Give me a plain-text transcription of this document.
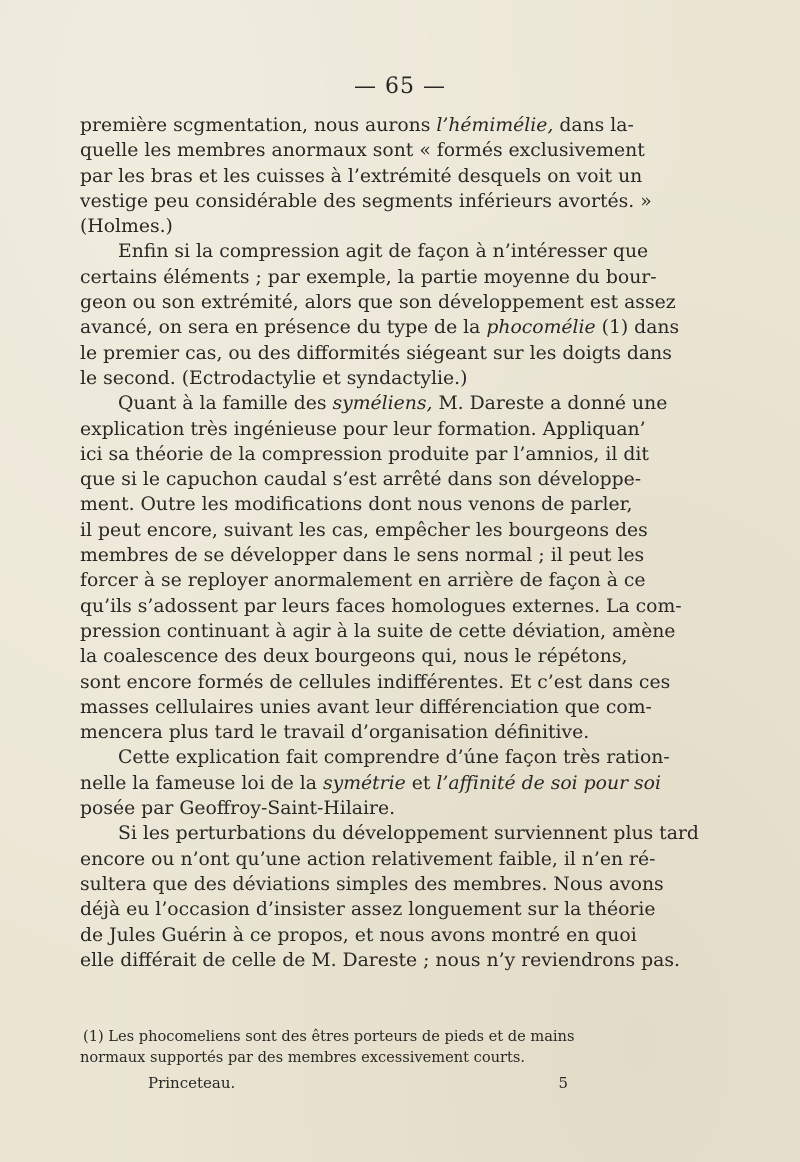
— 65 —
première scgmentation, nous aurons l’hémimélie, dans la-
quelle les membres anormaux sont « formés exclusivement
par les bras et les cuisses à l’extrémité desquels on voit un
vestige peu considérable des segments inférieurs avortés. »
(Holmes.)
Enfin si la compression agit de façon à n’intéresser que
certains éléments ; par exemple, la partie moyenne du bour-
geon ou son extrémité, alors que son développement est assez
avancé, on sera en présence du type de la phocomélie (1) dans
le premier cas, ou des difformités siégeant sur les doigts dans
le second. (Ectrodactylie et syndactylie.)
Quant à la famille des syméliens, M. Dareste a donné une
explication très ingénieuse pour leur formation. Appliquan’
ici sa théorie de la compression produite par l’amnios, il dit
que si le capuchon caudal s’est arrêté dans son développe-
ment. Outre les modifications dont nous venons de parler,
il peut encore, suivant les cas, empêcher les bourgeons des
membres de se développer dans le sens normal ; il peut les
forcer à se reployer anormalement en arrière de façon à ce
qu’ils s’adossent par leurs faces homologues externes. La com-
pression continuant à agir à la suite de cette déviation, amène
la coalescence des deux bourgeons qui, nous le répétons,
sont encore formés de cellules indifférentes. Et c’est dans ces
masses cellulaires unies avant leur différenciation que com-
mencera plus tard le travail d’organisation définitive.
Cette explication fait comprendre d’úne façon très ration-
nelle la fameuse loi de la symétrie et l’affinité de soi pour soi
posée par Geoffroy-Saint-Hilaire.
Si les perturbations du développement surviennent plus tard
encore ou n’ont qu’une action relativement faible, il n’en ré-
sultera que des déviations simples des membres. Nous avons
déjà eu l’occasion d’insister assez longuement sur la théorie
de Jules Guérin à ce propos, et nous avons montré en quoi
elle différait de celle de M. Dareste ; nous n’y reviendrons pas.
(1) Les phocomeliens sont des êtres porteurs de pieds et de mains
normaux supportés par des membres excessivement courts.
Princeteau.	5
